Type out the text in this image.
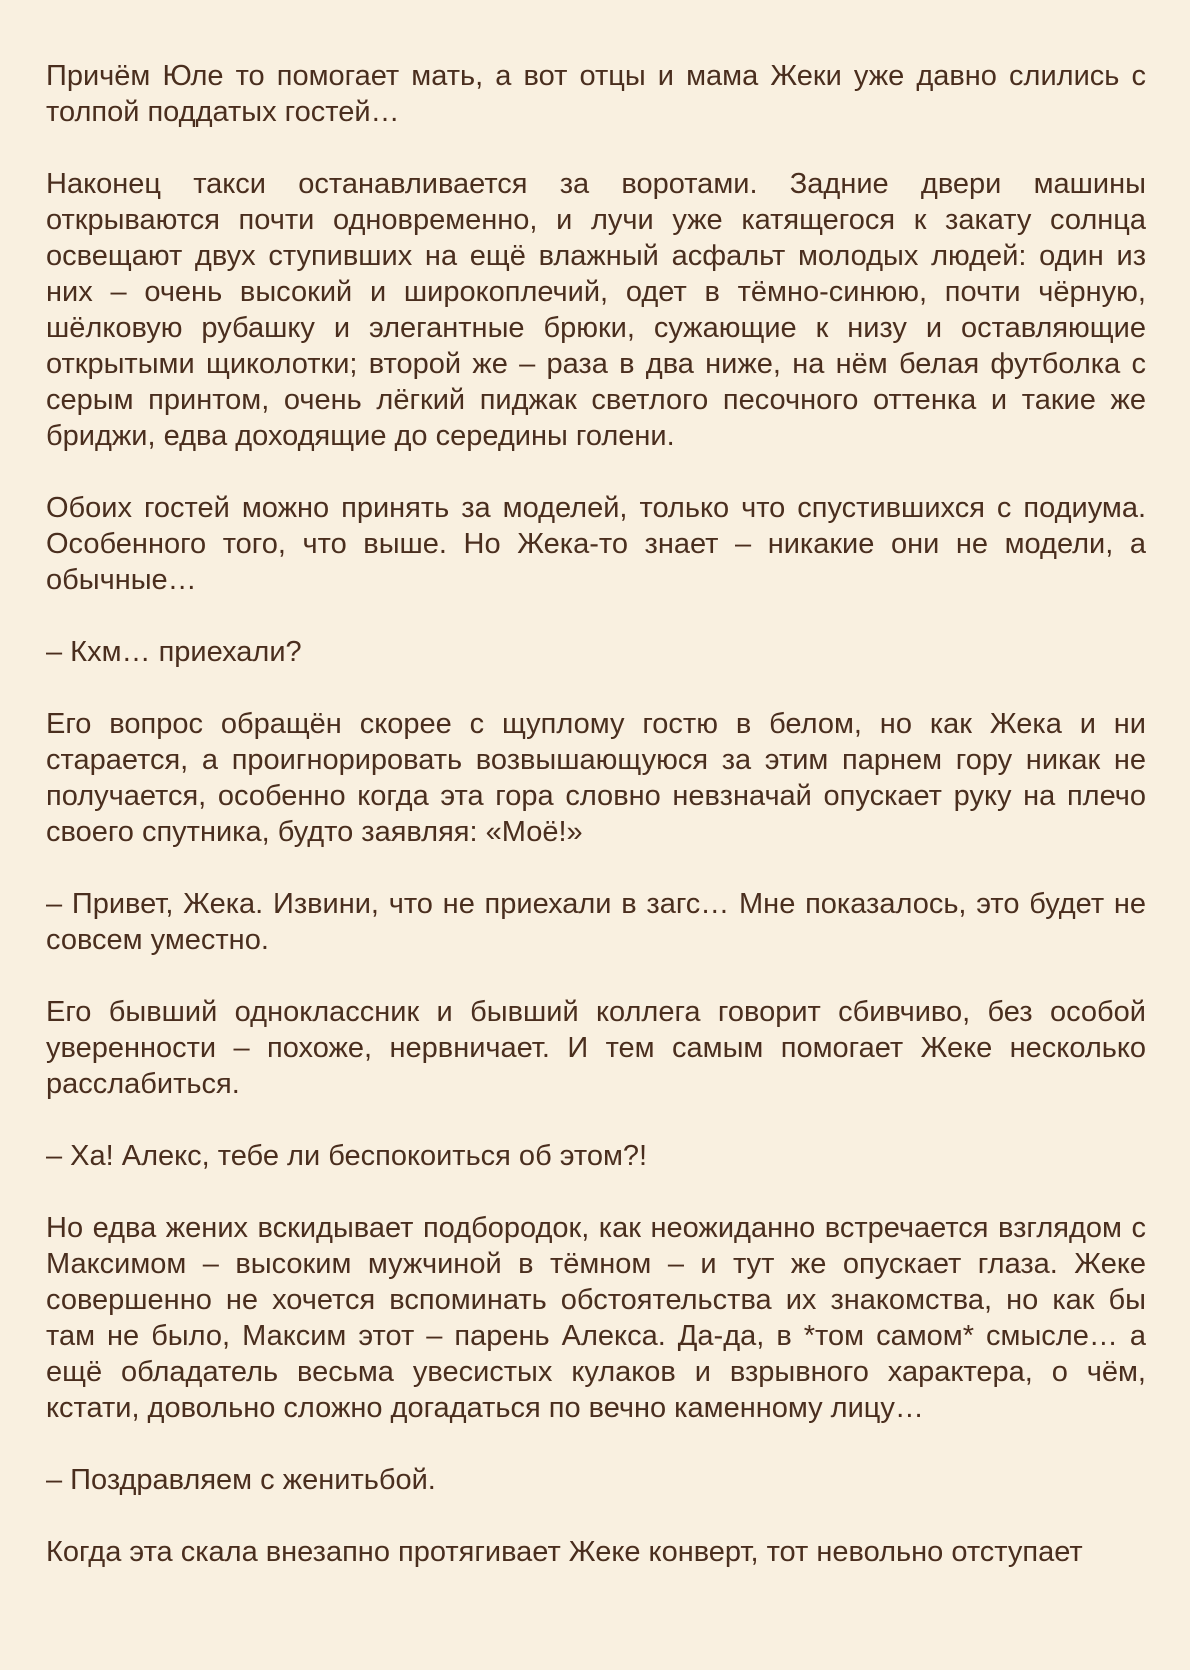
Причём Юле то помогает мать, а вот отцы и мама Жеки уже давно слились с толпой поддатых гостей…

Наконец такси останавливается за воротами. Задние двери машины открываются почти одновременно, и лучи уже катящегося к закату солнца освещают двух ступивших на ещё влажный асфальт молодых людей: один из них – очень высокий и широкоплечий, одет в тёмно-синюю, почти чёрную, шёлковую рубашку и элегантные брюки, сужающие к низу и оставляющие открытыми щиколотки; второй же – раза в два ниже, на нём белая футболка с серым принтом, очень лёгкий пиджак светлого песочного оттенка и такие же бриджи, едва доходящие до середины голени.

Обоих гостей можно принять за моделей, только что спустившихся с подиума. Особенного того, что выше. Но Жека-то знает – никакие они не модели, а обычные…

– Кхм… приехали?

Его вопрос обращён скорее с щуплому гостю в белом, но как Жека и ни старается, а проигнорировать возвышающуюся за этим парнем гору никак не получается, особенно когда эта гора словно невзначай опускает руку на плечо своего спутника, будто заявляя: «Моё!»

– Привет, Жека. Извини, что не приехали в загс… Мне показалось, это будет не совсем уместно.

Его бывший одноклассник и бывший коллега говорит сбивчиво, без особой уверенности – похоже, нервничает. И тем самым помогает Жеке несколько расслабиться.

– Ха! Алекс, тебе ли беспокоиться об этом?!

Но едва жених вскидывает подбородок, как неожиданно встречается взглядом с Максимом – высоким мужчиной в тёмном – и тут же опускает глаза. Жеке совершенно не хочется вспоминать обстоятельства их знакомства, но как бы там не было, Максим этот – парень Алекса. Да-да, в *том самом* смысле… а ещё обладатель весьма увесистых кулаков и взрывного характера, о чём, кстати, довольно сложно догадаться по вечно каменному лицу…

– Поздравляем с женитьбой.

Когда эта скала внезапно протягивает Жеке конверт, тот невольно отступает
